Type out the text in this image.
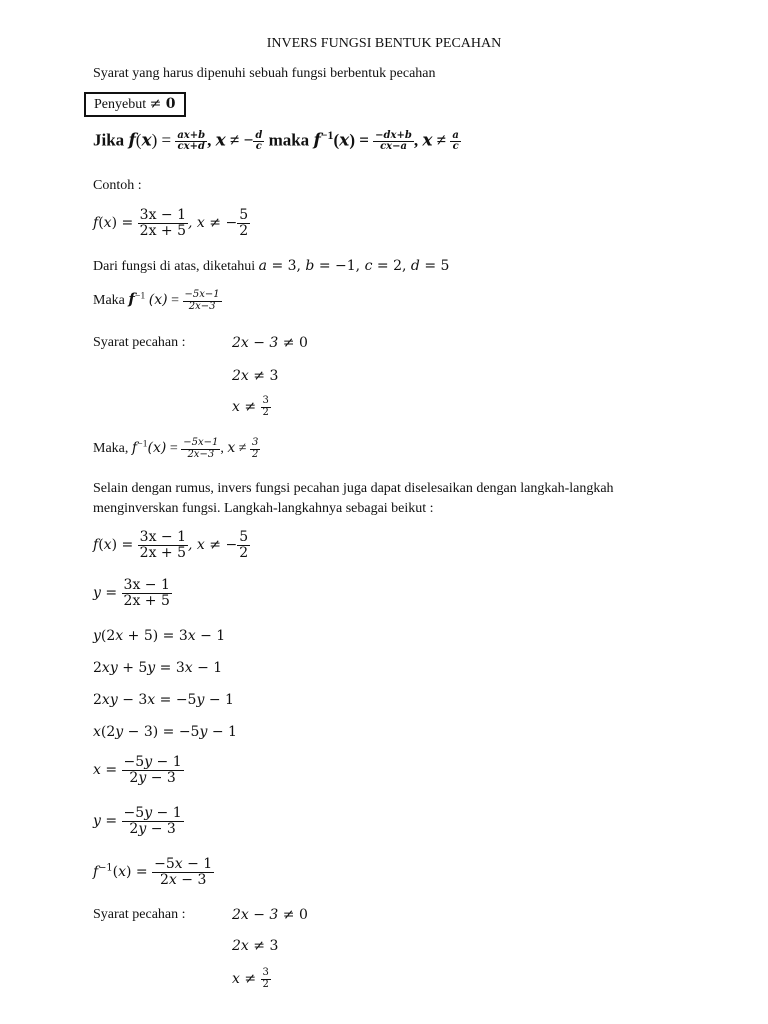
INVERS FUNGSI BENTUK PECAHAN
Syarat yang harus dipenuhi sebuah fungsi berbentuk pecahan
Penyebut ≠ 0
Jika $f(x) = \frac{ax+b}{cx+d}$ , x ≠ − $\frac{d}{c}$ maka $f^{-1}(x) = \frac{-dx+b}{cx-a}$ , $x \ne \frac{a}{c}$
Contoh :
$f(x) = \frac{3x - 1}{2x + 5}$ , x ≠ − $\frac{5}{2}$
Dari fungsi di atas, diketahui a = 3, b = −1, c = 2, d = 5
Maka $f^{-1}$ $(x) = \frac{-5x-1}{2x-3}$
Syarat pecahan :	2x − 3 ≠ 0
2x ≠ 3
$x \ne \frac{3}{2}$
Maka, $f^{-1}(x) = \frac{-5x-1}{2x-3}$ , $x \ne \frac{3}{2}$
Selain dengan rumus, invers fungsi pecahan juga dapat diselesaikan dengan langkah-langkah
menginverskan fungsi. Langkah-langkahnya sebagai beikut :
$f(x) = \frac{3x - 1}{2x + 5}$ , x ≠ − $\frac{5}{2}$
$y = \frac{3x - 1}{2x + 5}$
y(2x + 5) = 3x − 1
2xy + 5y = 3x − 1
2xy − 3x = −5y − 1
x(2y − 3) = −5y − 1
$x = \frac{-5y - 1}{2y - 3}$
$y = \frac{-5y - 1}{2y - 3}$
$f^{-1}(x) = \frac{-5x - 1}{2x - 3}$
Syarat pecahan :	2x − 3 ≠ 0
2x ≠ 3
$x \ne \frac{3}{2}$
